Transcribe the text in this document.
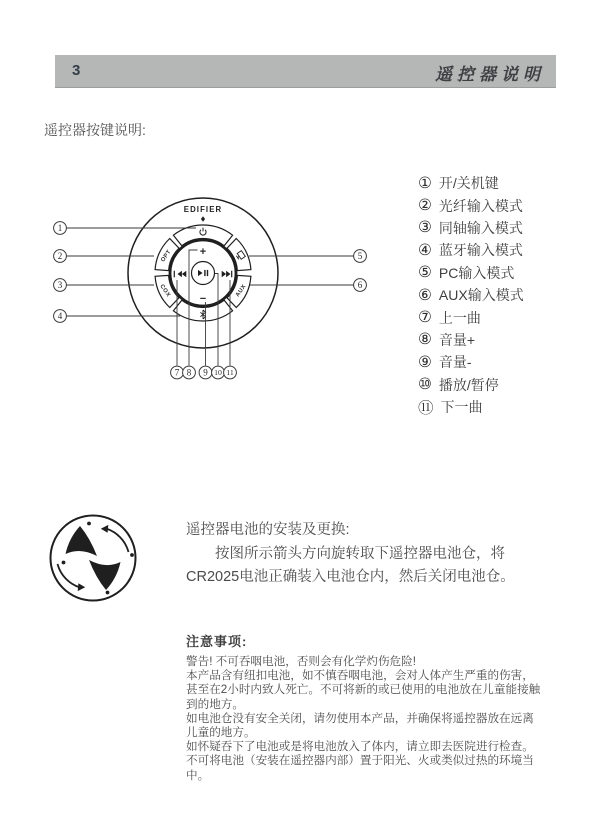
3	遥控器说明
遥控器按键说明:
EDIFIER
OPT
COX	AUX
+
−
1
2
3
4
5
6
7 8 9 10 11
① 开/关机键
② 光纤输入模式
③ 同轴输入模式
④ 蓝牙输入模式
⑤ PC输入模式
⑥ AUX输入模式
⑦ 上一曲
⑧ 音量+
⑨ 音量-
⑩ 播放/暂停
⑪ 下一曲
遥控器电池的安装及更换:
按图所示箭头方向旋转取下遥控器电池仓，将
CR2025电池正确装入电池仓内，然后关闭电池仓。
注意事项:
警告! 不可吞咽电池，否则会有化学灼伤危险!
本产品含有纽扣电池，如不慎吞咽电池，会对人体产生严重的伤害，
甚至在2小时内致人死亡。不可将新的或已使用的电池放在儿童能接触
到的地方。
如电池仓没有安全关闭，请勿使用本产品，并确保将遥控器放在远离
儿童的地方。
如怀疑吞下了电池或是将电池放入了体内，请立即去医院进行检查。
不可将电池（安装在遥控器内部）置于阳光、火或类似过热的环境当
中。
